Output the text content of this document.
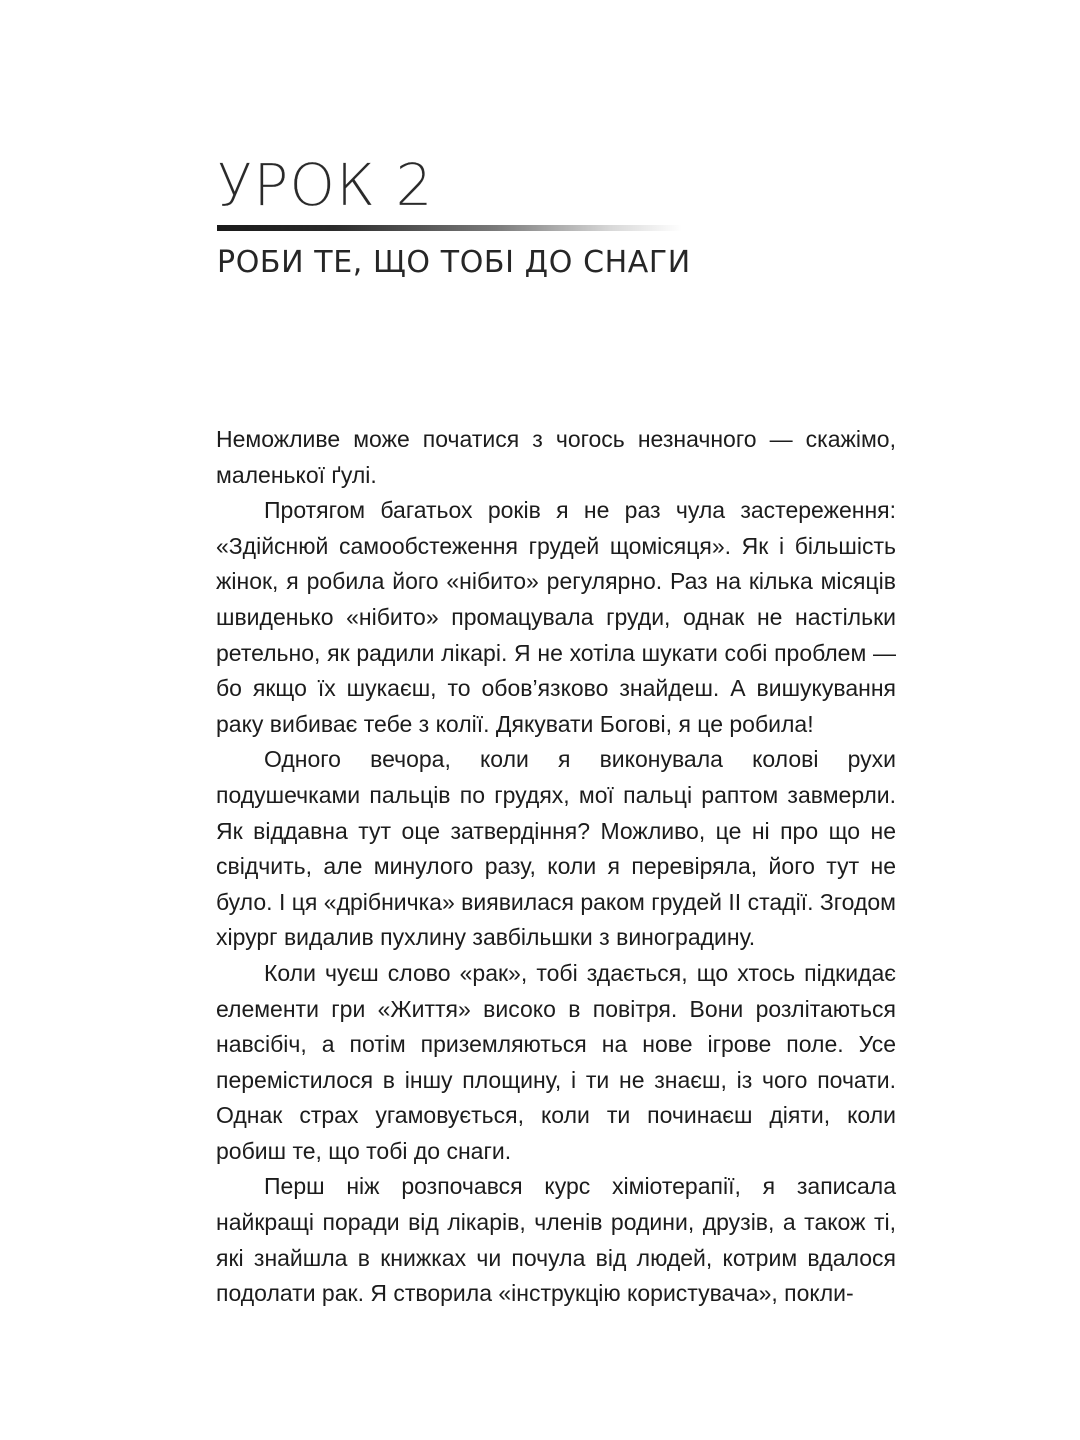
УРОК 2
РОБИ ТЕ, ЩО ТОБІ ДО СНАГИ

Неможливе може початися з чогось незначного — скажімо, маленької ґулі.

Протягом багатьох років я не раз чула застереження: «Здійснюй самообстеження грудей щомісяця». Як і більшість жінок, я робила його «нібито» регулярно. Раз на кілька місяців швиденько «нібито» промацувала груди, однак не настільки ретельно, як радили лікарі. Я не хотіла шукати собі проблем — бо якщо їх шукаєш, то обов’язково знайдеш. А вишукування раку вибиває тебе з колії. Дякувати Богові, я це робила!

Одного вечора, коли я виконувала колові рухи подушечками пальців по грудях, мої пальці раптом завмерли. Як віддавна тут оце затвердіння? Можливо, це ні про що не свідчить, але минулого разу, коли я перевіряла, його тут не було. І ця «дрібничка» виявилася раком грудей ІІ стадії. Згодом хірург видалив пухлину завбільшки з виноградину.

Коли чуєш слово «рак», тобі здається, що хтось підкидає елементи гри «Життя» високо в повітря. Вони розлітаються навсібіч, а потім приземляються на нове ігрове поле. Усе перемістилося в іншу площину, і ти не знаєш, із чого почати. Однак страх угамовується, коли ти починаєш діяти, коли робиш те, що тобі до снаги.

Перш ніж розпочався курс хіміотерапії, я записала найкращі поради від лікарів, членів родини, друзів, а також ті, які знайшла в книжках чи почула від людей, котрим вдалося подолати рак. Я створила «інструкцію користувача», покли-
